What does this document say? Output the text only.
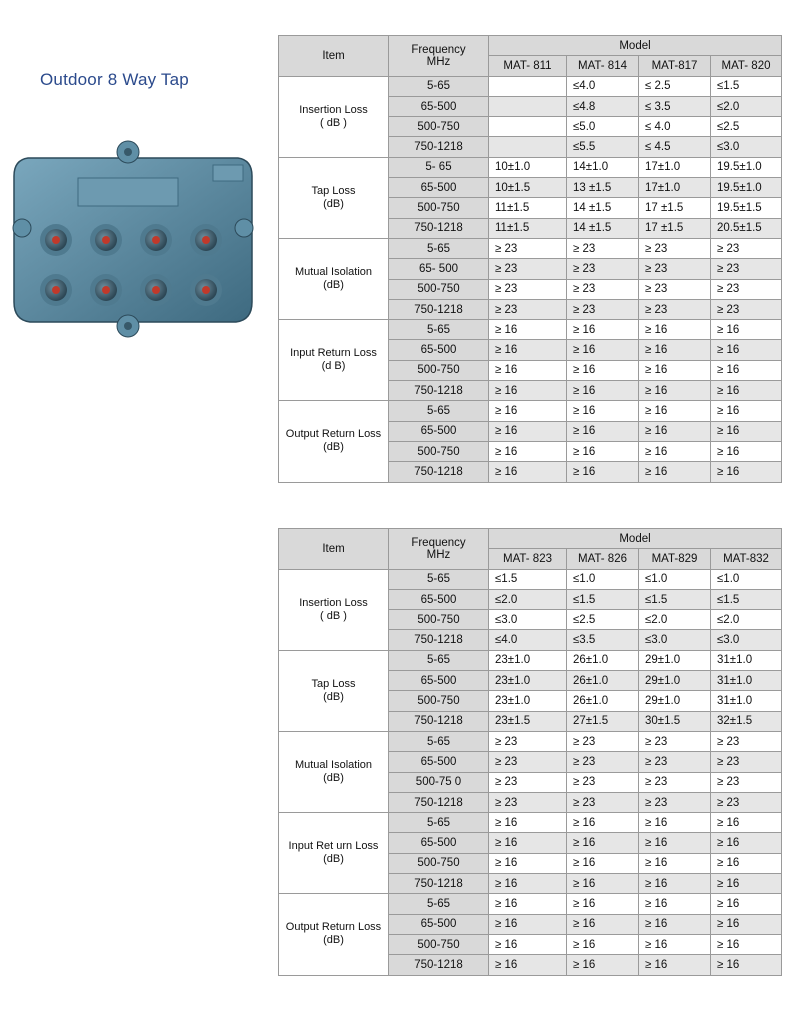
Outdoor 8 Way Tap
Item	Frequency
MHz	Model			
		MAT- 811	MAT- 814	MAT-817	MAT- 820

Insertion Loss
( dB )	5-65		≤4.0	≤ 2.5	≤1.5
	65-500		≤4.8	≤ 3.5	≤2.0
	500-750		≤5.0	≤ 4.0	≤2.5
	750-1218		≤5.5	≤ 4.5	≤3.0

Tap Loss
(dB)	5- 65	10±1.0	14±1.0	17±1.0	19.5±1.0
	65-500	10±1.5	13 ±1.5	17±1.0	19.5±1.0
	500-750	11±1.5	14 ±1.5	17 ±1.5	19.5±1.5
	750-1218	11±1.5	14 ±1.5	17 ±1.5	20.5±1.5

Mutual Isolation
(dB)	5-65	≥ 23	≥ 23	≥ 23	≥ 23
	65- 500	≥ 23	≥ 23	≥ 23	≥ 23
	500-750	≥ 23	≥ 23	≥ 23	≥ 23
	750-1218	≥ 23	≥ 23	≥ 23	≥ 23

Input Return Loss
(d B)	5-65	≥ 16	≥ 16	≥ 16	≥ 16
	65-500	≥ 16	≥ 16	≥ 16	≥ 16
	500-750	≥ 16	≥ 16	≥ 16	≥ 16
	750-1218	≥ 16	≥ 16	≥ 16	≥ 16

Output Return Loss
(dB)	5-65	≥ 16	≥ 16	≥ 16	≥ 16
	65-500	≥ 16	≥ 16	≥ 16	≥ 16
	500-750	≥ 16	≥ 16	≥ 16	≥ 16
	750-1218	≥ 16	≥ 16	≥ 16	≥ 16
Item	Frequency
MHz	Model			
		MAT- 823	MAT- 826	MAT-829	MAT-832

Insertion Loss
( dB )	5-65	≤1.5	≤1.0	≤1.0	≤1.0
	65-500	≤2.0	≤1.5	≤1.5	≤1.5
	500-750	≤3.0	≤2.5	≤2.0	≤2.0
	750-1218	≤4.0	≤3.5	≤3.0	≤3.0

Tap Loss
(dB)	5-65	23±1.0	26±1.0	29±1.0	31±1.0
	65-500	23±1.0	26±1.0	29±1.0	31±1.0
	500-750	23±1.0	26±1.0	29±1.0	31±1.0
	750-1218	23±1.5	27±1.5	30±1.5	32±1.5

Mutual Isolation
(dB)	5-65	≥ 23	≥ 23	≥ 23	≥ 23
	65-500	≥ 23	≥ 23	≥ 23	≥ 23
	500-75 0	≥ 23	≥ 23	≥ 23	≥ 23
	750-1218	≥ 23	≥ 23	≥ 23	≥ 23

Input Ret urn Loss
(dB)	5-65	≥ 16	≥ 16	≥ 16	≥ 16
	65-500	≥ 16	≥ 16	≥ 16	≥ 16
	500-750	≥ 16	≥ 16	≥ 16	≥ 16
	750-1218	≥ 16	≥ 16	≥ 16	≥ 16

Output Return Loss
(dB)	5-65	≥ 16	≥ 16	≥ 16	≥ 16
	65-500	≥ 16	≥ 16	≥ 16	≥ 16
	500-750	≥ 16	≥ 16	≥ 16	≥ 16
	750-1218	≥ 16	≥ 16	≥ 16	≥ 16
